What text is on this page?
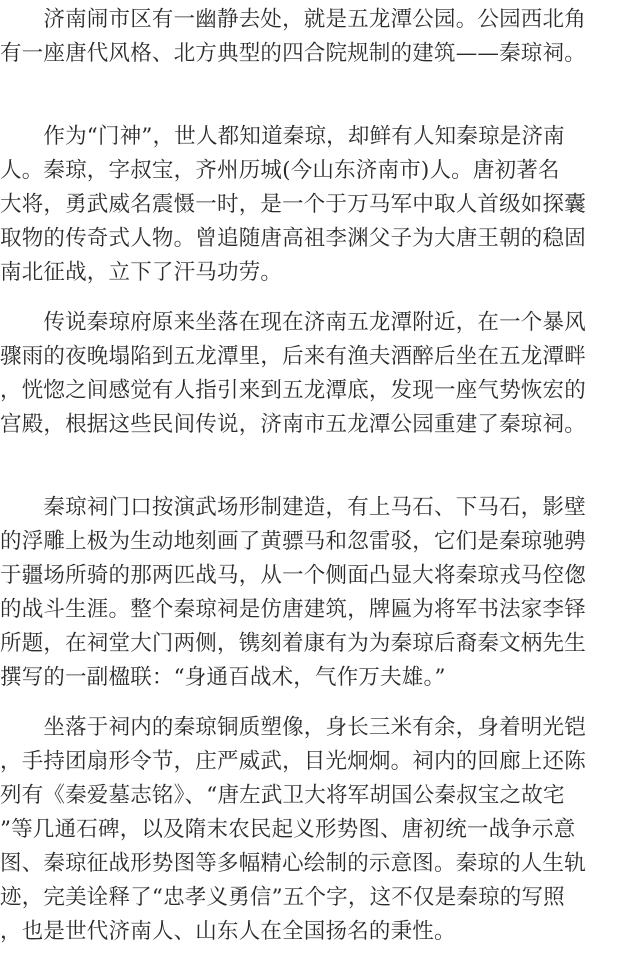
　　济南闹市区有一幽静去处，就是五龙潭公园。公园西北角
有一座唐代风格、北方典型的四合院规制的建筑——秦琼祠。
　　作为“门神”，世人都知道秦琼，却鲜有人知秦琼是济南
人。秦琼，字叔宝，齐州历城(今山东济南市)人。唐初著名
大将，勇武威名震慑一时，是一个于万马军中取人首级如探囊
取物的传奇式人物。曾追随唐高祖李渊父子为大唐王朝的稳固
南北征战，立下了汗马功劳。
　　传说秦琼府原来坐落在现在济南五龙潭附近，在一个暴风
骤雨的夜晚塌陷到五龙潭里，后来有渔夫酒醉后坐在五龙潭畔
，恍惚之间感觉有人指引来到五龙潭底，发现一座气势恢宏的
宫殿，根据这些民间传说，济南市五龙潭公园重建了秦琼祠。
　　秦琼祠门口按演武场形制建造，有上马石、下马石，影壁
的浮雕上极为生动地刻画了黄骠马和忽雷驳，它们是秦琼驰骋
于疆场所骑的那两匹战马，从一个侧面凸显大将秦琼戎马倥偬
的战斗生涯。整个秦琼祠是仿唐建筑，牌匾为将军书法家李铎
所题，在祠堂大门两侧，镌刻着康有为为秦琼后裔秦文柄先生
撰写的一副楹联：“身通百战术，气作万夫雄。”
　　坐落于祠内的秦琼铜质塑像，身长三米有余，身着明光铠
，手持团扇形令节，庄严威武，目光炯炯。祠内的回廊上还陈
列有《秦爱墓志铭》、“唐左武卫大将军胡国公秦叔宝之故宅
”等几通石碑，以及隋末农民起义形势图、唐初统一战争示意
图、秦琼征战形势图等多幅精心绘制的示意图。秦琼的人生轨
迹，完美诠释了“忠孝义勇信”五个字，这不仅是秦琼的写照
，也是世代济南人、山东人在全国扬名的秉性。
